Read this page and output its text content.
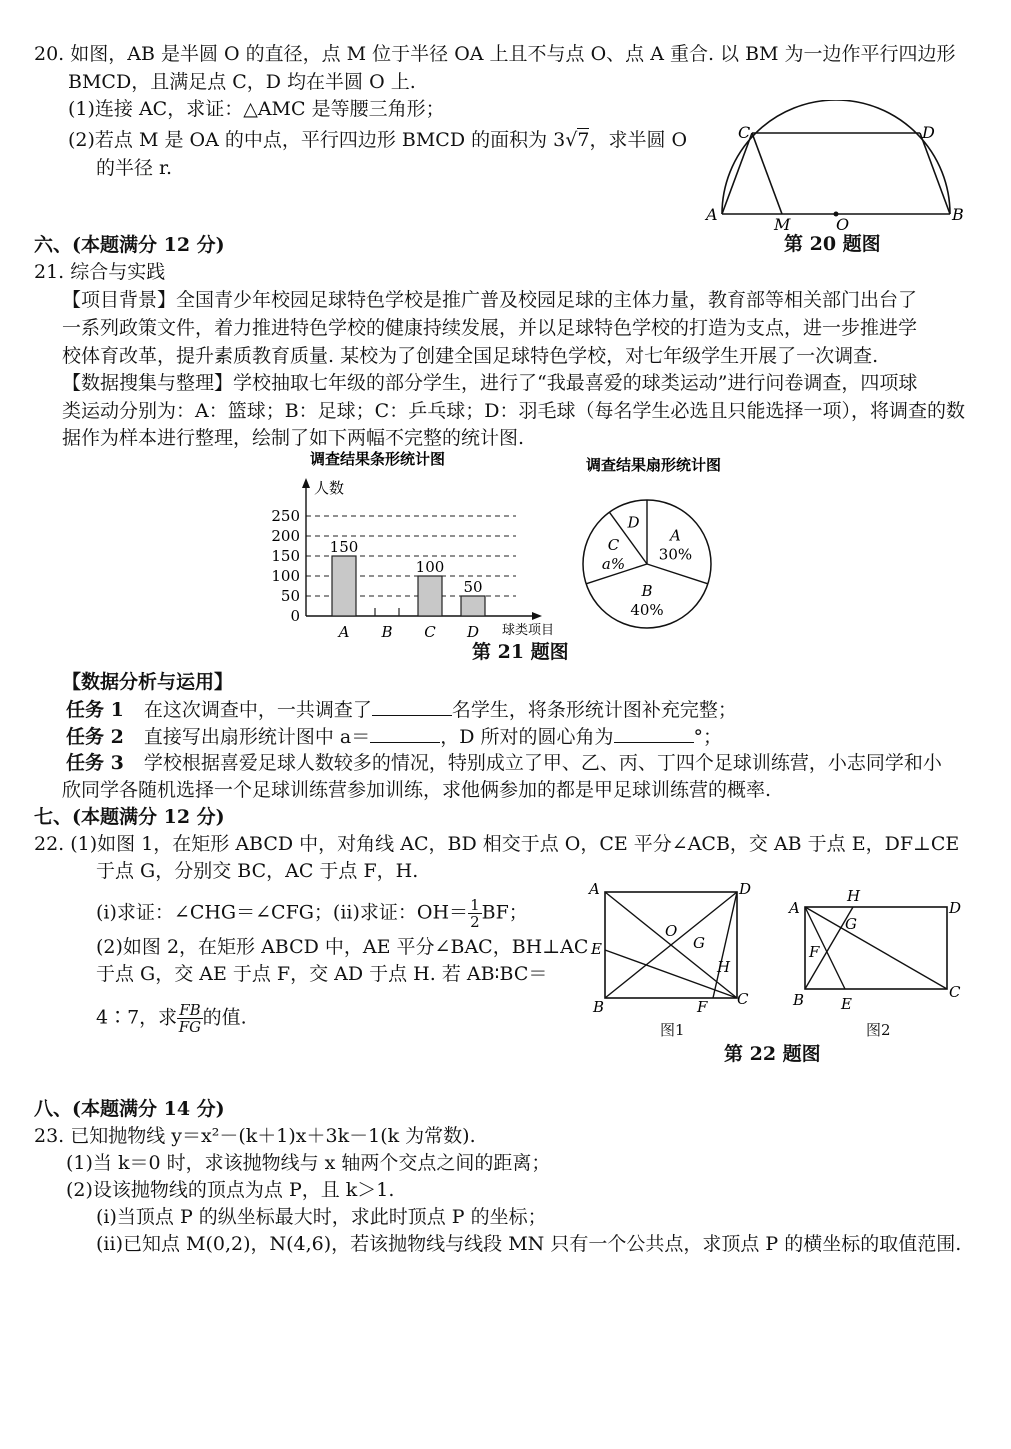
20. 如图，AB 是半圆 O 的直径，点 M 位于半径 OA 上且不与点 O、点 A 重合. 以 BM 为一边作平行四边形
BMCD，且满足点 C，D 均在半圆 O 上.
(1)连接 AC，求证：△AMC 是等腰三角形；
(2)若点 M 是 OA 的中点，平行四边形 BMCD 的面积为 3√7，求半圆 O
的半径 r.
C	D
A	B
M	O
第 20 题图
六、(本题满分 12 分)
21. 综合与实践
【项目背景】全国青少年校园足球特色学校是推广普及校园足球的主体力量，教育部等相关部门出台了
一系列政策文件，着力推进特色学校的健康持续发展，并以足球特色学校的打造为支点，进一步推进学
校体育改革，提升素质教育质量. 某校为了创建全国足球特色学校，对七年级学生开展了一次调查.
【数据搜集与整理】学校抽取七年级的部分学生，进行了“我最喜爱的球类运动”进行问卷调查，四项球
类运动分别为：A：篮球；B：足球；C：乒乓球；D：羽毛球（每名学生必选且只能选择一项），将调查的数
据作为样本进行整理，绘制了如下两幅不完整的统计图.
调查结果条形统计图
人数
球类项目
0
50
100
150
200
250
150
A B
100
C
50
D
调查结果扇形统计图
A
30%
B
40%
C
a%
D
第 21 题图
【数据分析与运用】
任务 1 在这次调查中，一共调查了	名学生，将条形统计图补充完整；
任务 2 直接写出扇形统计图中 a＝	，D 所对的圆心角为	°；
任务 3 学校根据喜爱足球人数较多的情况，特别成立了甲、乙、丙、丁四个足球训练营，小志同学和小
欣同学各随机选择一个足球训练营参加训练，求他俩参加的都是甲足球训练营的概率.
七、(本题满分 12 分)
22. (1)如图 1，在矩形 ABCD 中，对角线 AC，BD 相交于点 O，CE 平分∠ACB，交 AB 于点 E，DF⊥CE
于点 G，分别交 BC，AC 于点 F，H.
(i)求证：∠CHG＝∠CFG；(ii)求证：$OH= \frac{1}{2}$ BF；
(2)如图 2，在矩形 ABCD 中，AE 平分∠BAC，BH⊥AC
于点 G，交 AE 于点 F，交 AD 于点 H. 若 AB∶BC＝
4∶7，求 $\frac{FB}{FG}$ 的值.
A	D
E
B	C
O
G
H
F
图1
A	D
H
G
F
B E
C
图2
第 22 题图
八、(本题满分 14 分)
23. 已知抛物线 y＝x²－(k＋1)x＋3k－1(k 为常数).
(1)当 k＝0 时，求该抛物线与 x 轴两个交点之间的距离；
(2)设该抛物线的顶点为点 P，且 k＞1.
(i)当顶点 P 的纵坐标最大时，求此时顶点 P 的坐标；
(ii)已知点 M(0,2)，N(4,6)，若该抛物线与线段 MN 只有一个公共点，求顶点 P 的横坐标的取值范围.
